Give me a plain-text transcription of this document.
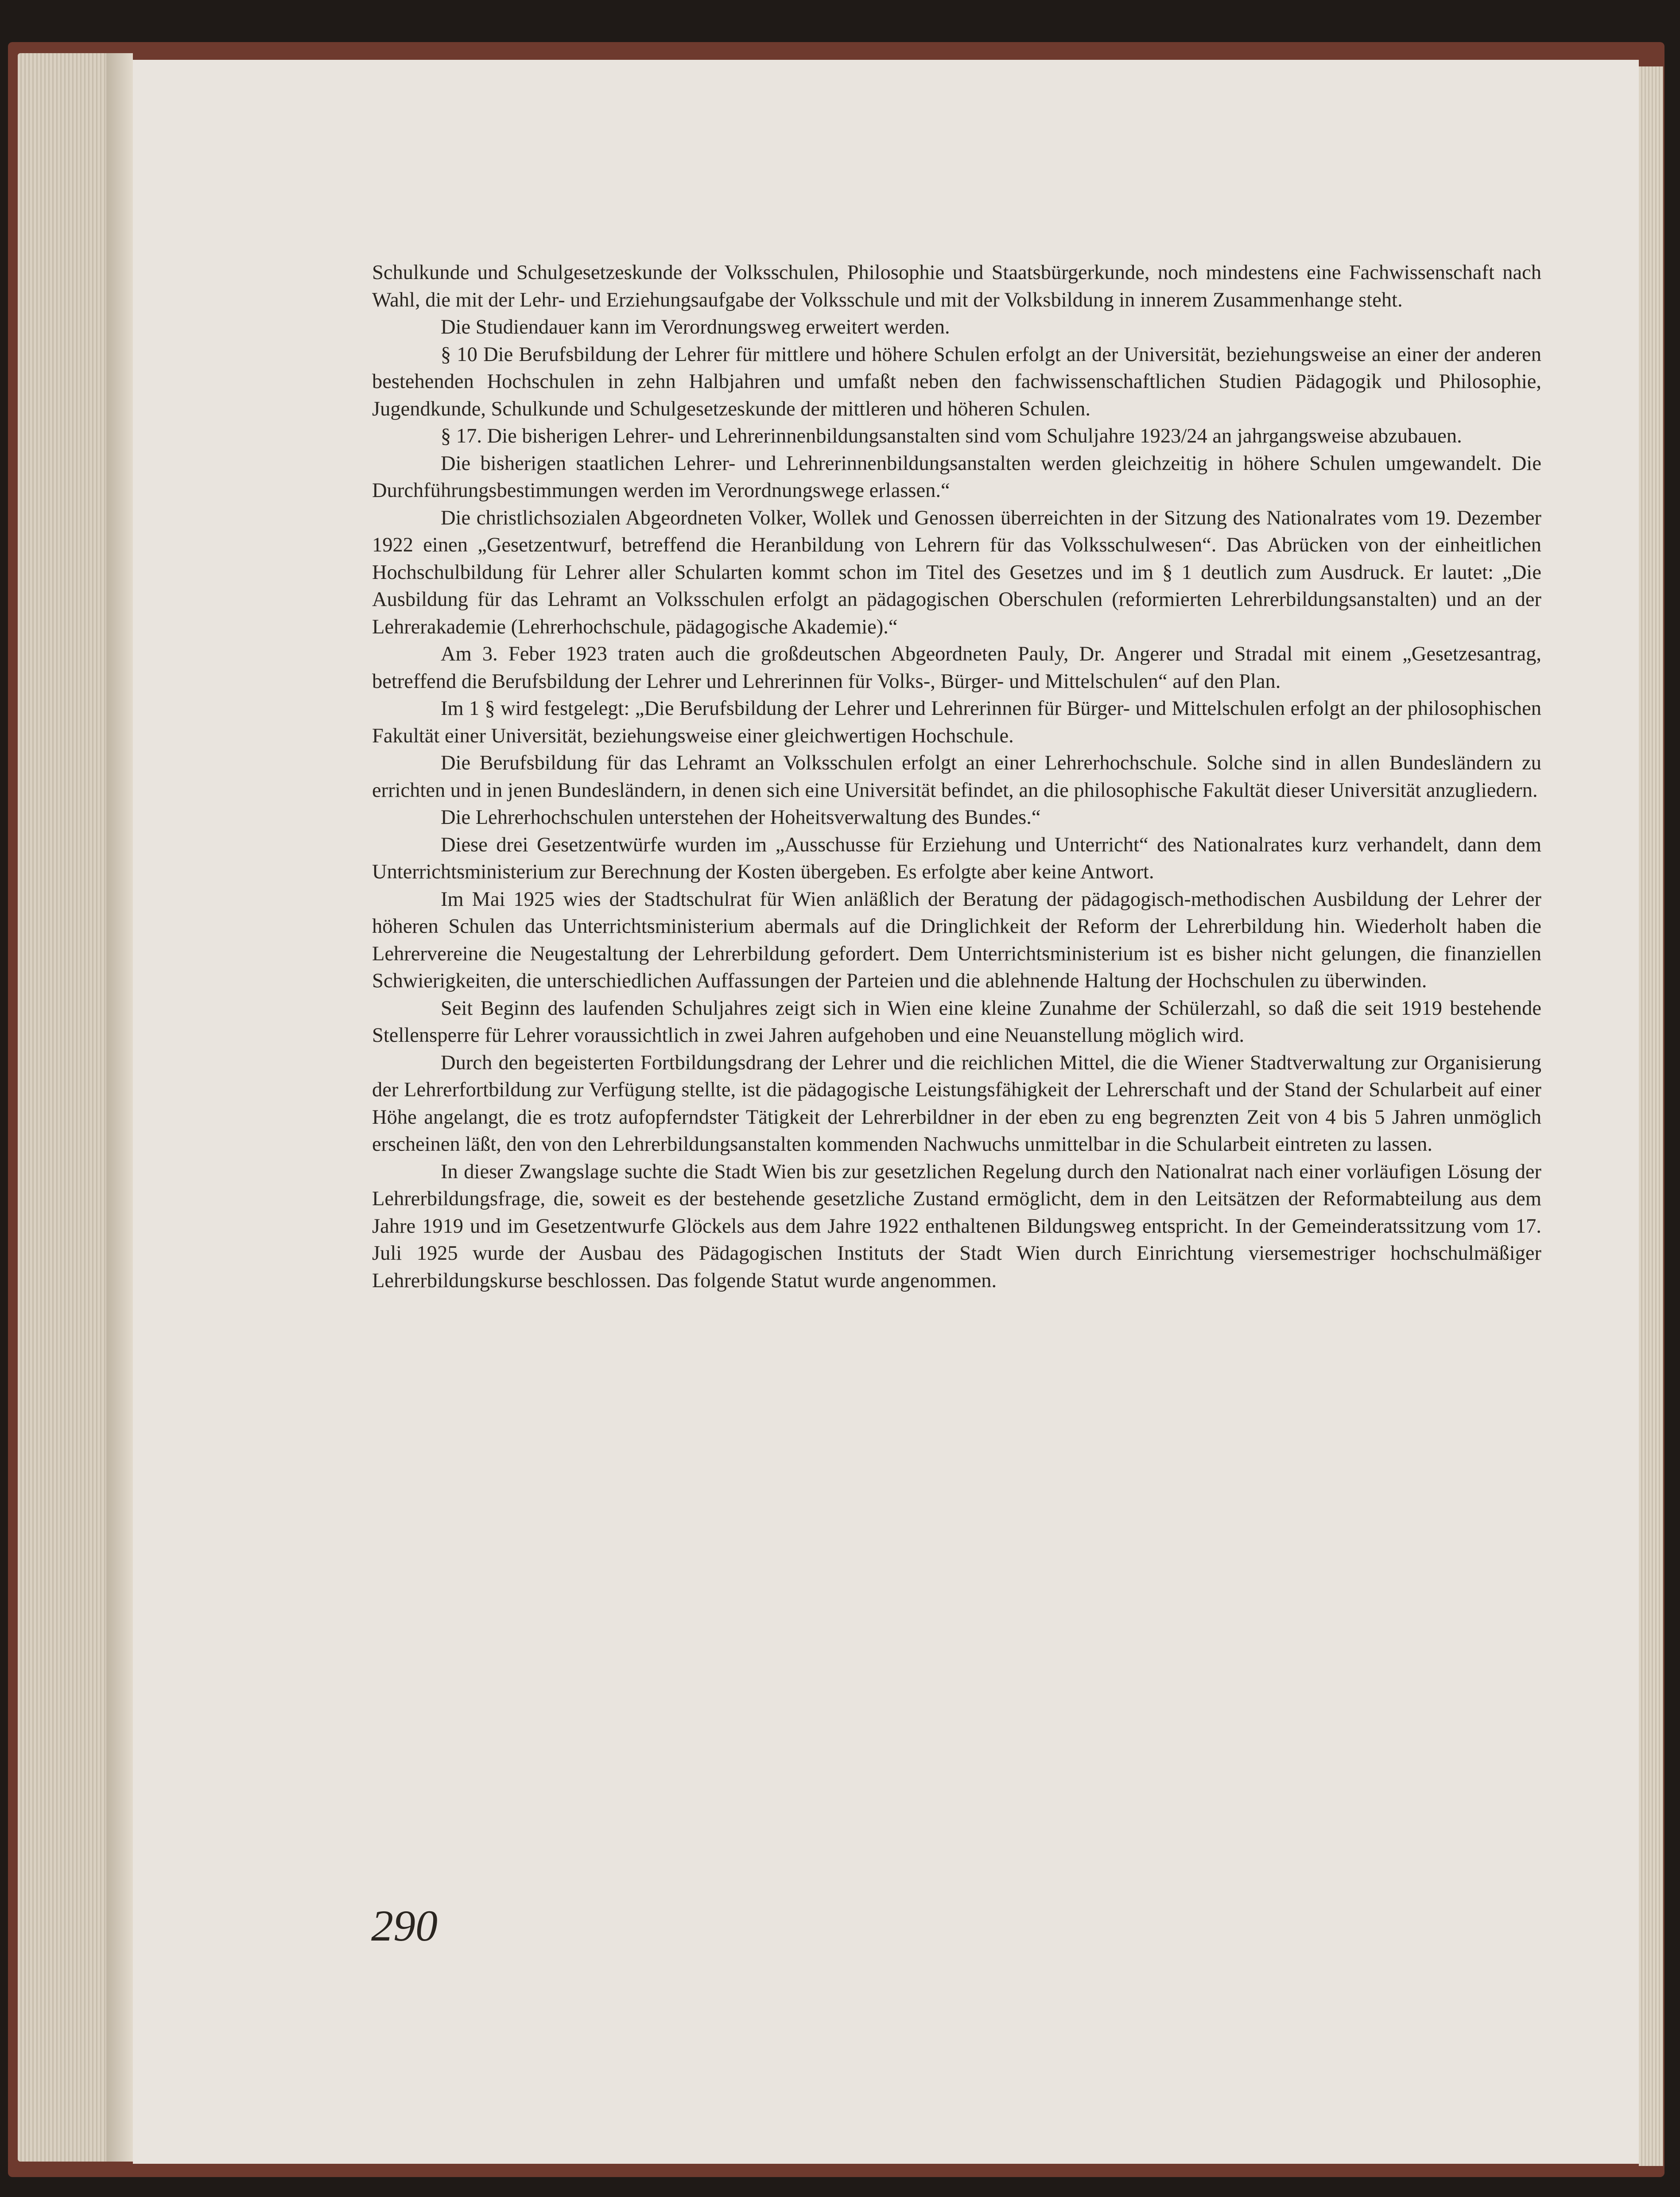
Schulkunde und Schulgesetzeskunde der Volksschulen, Philosophie und Staatsbürgerkunde, noch mindestens eine Fachwissenschaft nach Wahl, die mit der Lehr- und Erziehungsaufgabe der Volksschule und mit der Volksbildung in innerem Zusammenhange steht.

Die Studiendauer kann im Verordnungsweg erweitert werden.

§ 10 Die Berufsbildung der Lehrer für mittlere und höhere Schulen erfolgt an der Universität, beziehungsweise an einer der anderen bestehenden Hochschulen in zehn Halbjahren und umfaßt neben den fachwissenschaftlichen Studien Pädagogik und Philosophie, Jugendkunde, Schulkunde und Schulgesetzeskunde der mittleren und höheren Schulen.

§ 17. Die bisherigen Lehrer- und Lehrerinnenbildungsanstalten sind vom Schuljahre 1923/24 an jahrgangsweise abzubauen.

Die bisherigen staatlichen Lehrer- und Lehrerinnenbildungsanstalten werden gleichzeitig in höhere Schulen umgewandelt. Die Durchführungsbestimmungen werden im Verordnungswege erlassen.“

Die christlichsozialen Abgeordneten Volker, Wollek und Genossen überreichten in der Sitzung des Nationalrates vom 19. Dezember 1922 einen „Gesetzentwurf, betreffend die Heranbildung von Lehrern für das Volksschulwesen“. Das Abrücken von der einheitlichen Hochschulbildung für Lehrer aller Schularten kommt schon im Titel des Gesetzes und im § 1 deutlich zum Ausdruck. Er lautet: „Die Ausbildung für das Lehramt an Volksschulen erfolgt an pädagogischen Oberschulen (reformierten Lehrerbildungsanstalten) und an der Lehrerakademie (Lehrerhochschule, pädagogische Akademie).“

Am 3. Feber 1923 traten auch die großdeutschen Abgeordneten Pauly, Dr. Angerer und Stradal mit einem „Gesetzesantrag, betreffend die Berufsbildung der Lehrer und Lehrerinnen für Volks-, Bürger- und Mittelschulen“ auf den Plan.

Im 1 § wird festgelegt: „Die Berufsbildung der Lehrer und Lehrerinnen für Bürger- und Mittelschulen erfolgt an der philosophischen Fakultät einer Universität, beziehungsweise einer gleichwertigen Hochschule.

Die Berufsbildung für das Lehramt an Volksschulen erfolgt an einer Lehrerhochschule. Solche sind in allen Bundesländern zu errichten und in jenen Bundesländern, in denen sich eine Universität befindet, an die philosophische Fakultät dieser Universität anzugliedern.

Die Lehrerhochschulen unterstehen der Hoheitsverwaltung des Bundes.“

Diese drei Gesetzentwürfe wurden im „Ausschusse für Erziehung und Unterricht“ des Nationalrates kurz verhandelt, dann dem Unterrichtsministerium zur Berechnung der Kosten übergeben. Es erfolgte aber keine Antwort.

Im Mai 1925 wies der Stadtschulrat für Wien anläßlich der Beratung der pädagogisch-methodischen Ausbildung der Lehrer der höheren Schulen das Unterrichtsministerium abermals auf die Dringlichkeit der Reform der Lehrerbildung hin. Wiederholt haben die Lehrervereine die Neugestaltung der Lehrerbildung gefordert. Dem Unterrichtsministerium ist es bisher nicht gelungen, die finanziellen Schwierigkeiten, die unterschiedlichen Auffassungen der Parteien und die ablehnende Haltung der Hochschulen zu überwinden.

Seit Beginn des laufenden Schuljahres zeigt sich in Wien eine kleine Zunahme der Schülerzahl, so daß die seit 1919 bestehende Stellensperre für Lehrer voraussichtlich in zwei Jahren aufgehoben und eine Neuanstellung möglich wird.

Durch den begeisterten Fortbildungsdrang der Lehrer und die reichlichen Mittel, die die Wiener Stadtverwaltung zur Organisierung der Lehrerfortbildung zur Verfügung stellte, ist die pädagogische Leistungsfähigkeit der Lehrerschaft und der Stand der Schularbeit auf einer Höhe angelangt, die es trotz aufopferndster Tätigkeit der Lehrerbildner in der eben zu eng begrenzten Zeit von 4 bis 5 Jahren unmöglich erscheinen läßt, den von den Lehrerbildungsanstalten kommenden Nachwuchs unmittelbar in die Schularbeit eintreten zu lassen.

In dieser Zwangslage suchte die Stadt Wien bis zur gesetzlichen Regelung durch den Nationalrat nach einer vorläufigen Lösung der Lehrerbildungsfrage, die, soweit es der bestehende gesetzliche Zustand ermöglicht, dem in den Leitsätzen der Reformabteilung aus dem Jahre 1919 und im Gesetzentwurfe Glöckels aus dem Jahre 1922 enthaltenen Bildungsweg entspricht. In der Gemeinderatssitzung vom 17. Juli 1925 wurde der Ausbau des Pädagogischen Instituts der Stadt Wien durch Einrichtung viersemestriger hochschulmäßiger Lehrerbildungskurse beschlossen. Das folgende Statut wurde angenommen.

290
